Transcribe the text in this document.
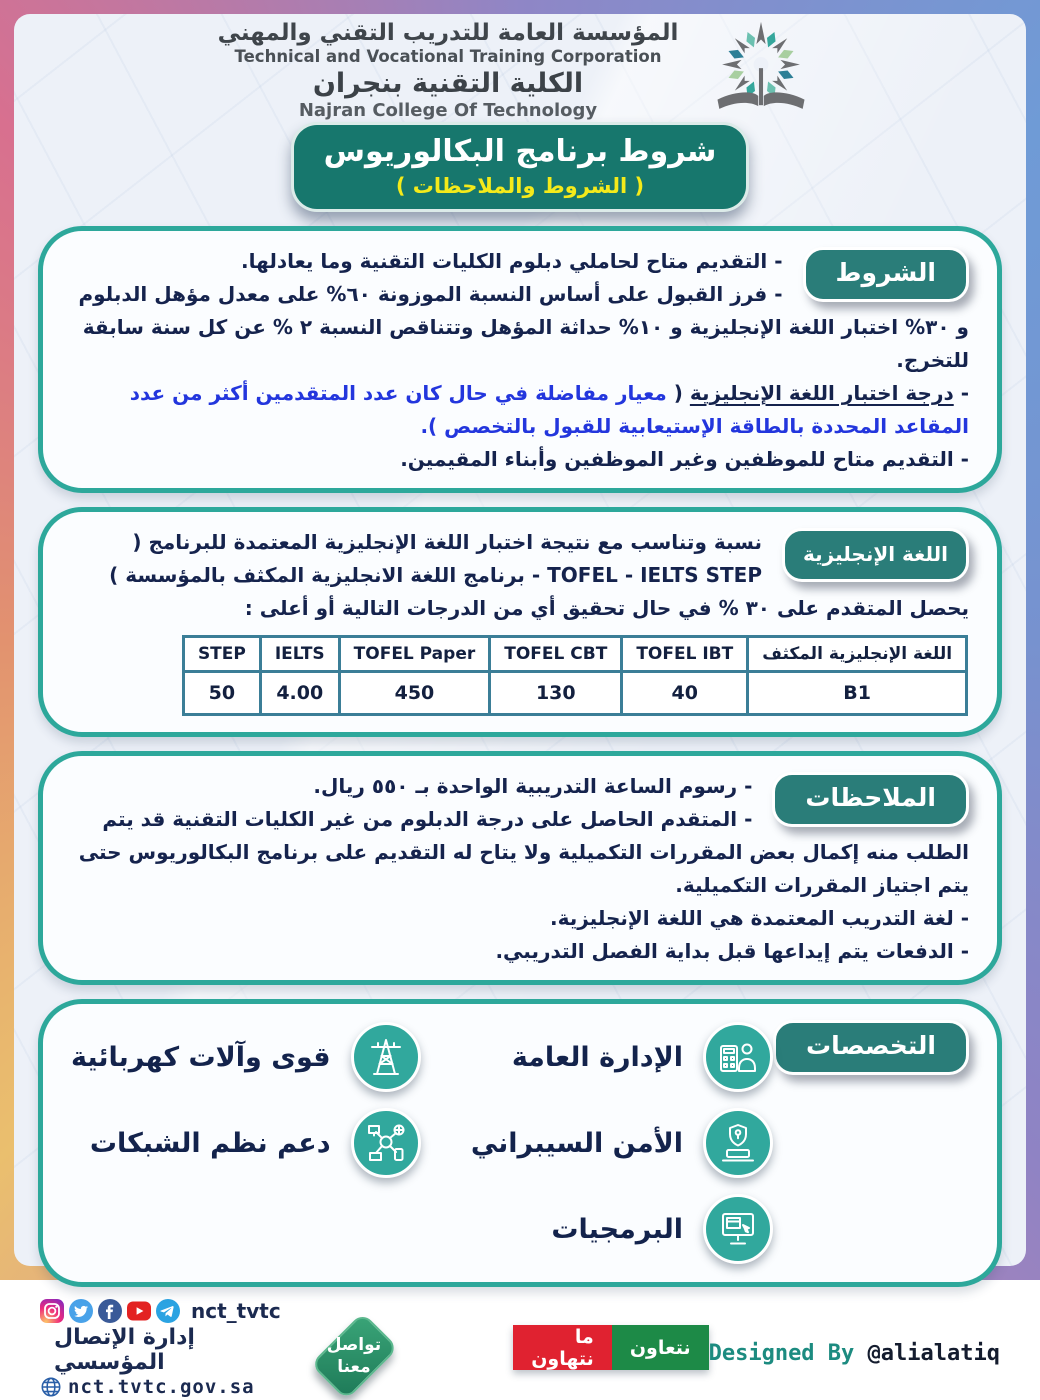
المؤسسة العامة للتدريب التقني والمهني
Technical and Vocational Training Corporation
الكلية التقنية بنجران
Najran College Of Technology
شروط برنامج البكالوريوس
( الشروط والملاحظات )
الشروط

- التقديم متاح لحاملي دبلوم الكليات التقنية وما يعادلها.

- فرز القبول على أساس النسبة الموزونة ٦٠% على معدل مؤهل الدبلوم و ٣٠% اختبار اللغة الإنجليزية و ١٠% حداثة المؤهل وتتناقص النسبة ٢ % عن كل سنة سابقة للتخرج.

- درجة اختبار اللغة الإنجليزية ( معيار مفاضلة في حال كان عدد المتقدمين أكثر من عدد المقاعد المحددة بالطاقة الإستيعابية للقبول بالتخصص ).

- التقديم متاح للموظفين وغير الموظفين وأبناء المقيمين.

اللغة الإنجليزية

نسبة وتناسب مع نتيجة اختبار اللغة الإنجليزية المعتمدة للبرنامج ( TOFEL - IELTS STEP - برنامج اللغة الانجليزية المكثف بالمؤسسة ) يحصل المتقدم على ٣٠ % في حال تحقيق أي من الدرجات التالية أو أعلى :

اللغة الإنجليزية المكثف	TOFEL IBT	TOFEL CBT	TOFEL Paper	IELTS	STEP
B1	40	130	450	4.00	50
الملاحظات

- رسوم الساعة التدريبية الواحدة بـ ٥٥٠ ريال.

- المتقدم الحاصل على درجة الدبلوم من غير الكليات التقنية قد يتم الطلب منه إكمال بعض المقررات التكميلية ولا يتاح له التقديم على برنامج البكالوريوس حتى يتم اجتياز المقررات التكميلية.

- لغة التدريب المعتمدة هي اللغة الإنجليزية.

- الدفعات يتم إيداعها قبل بداية الفصل التدريبي.

التخصصات
الإدارة العامة
قوى وآلات كهربائية
الأمن السيبراني
دعم نظم الشبكات
البرمجيات
nct_tvtc
إدارة الإتصال المؤسسي
nct.tvtc.gov.sa
تواصل
معنا
نتعاون
ما نتهاون	Designed By @alialatiq
